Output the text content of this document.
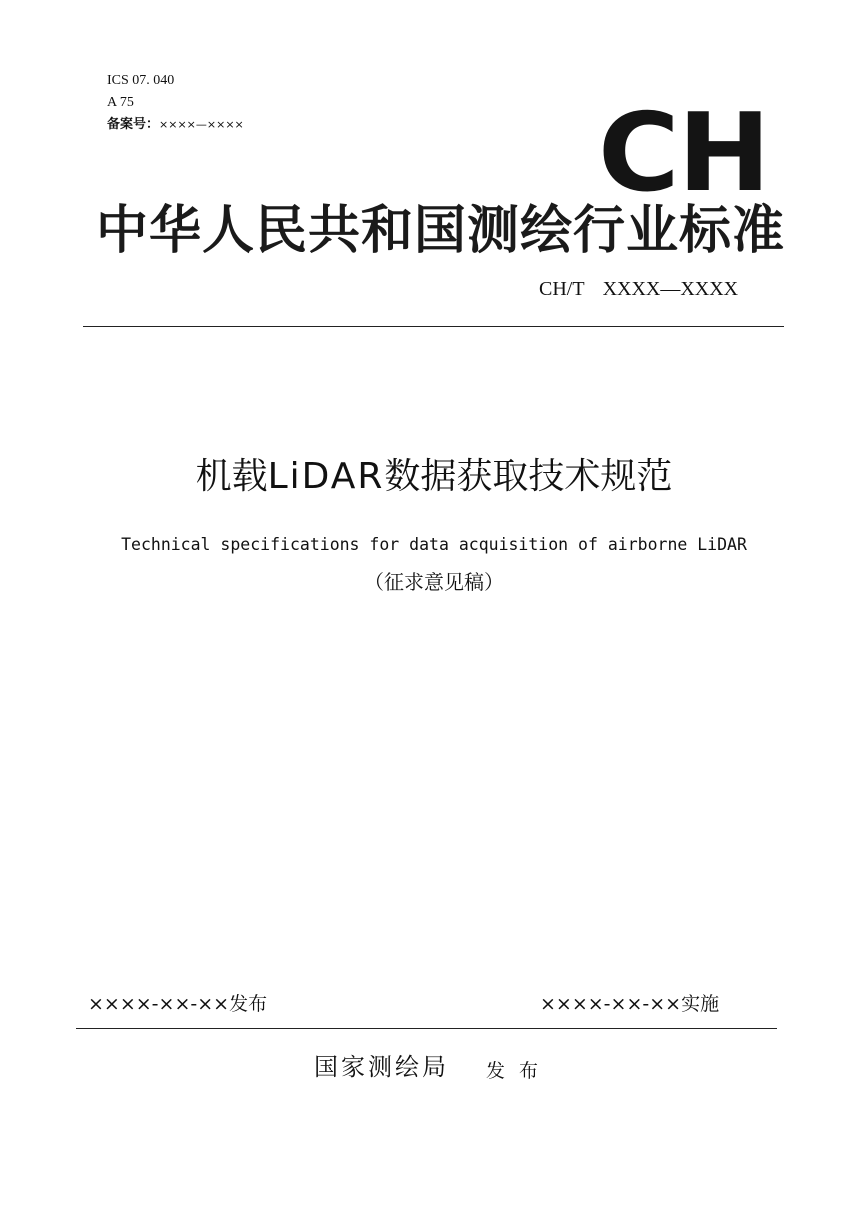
ICS 07. 040
A 75
备案号：××××—××××	CH
中华人民共和国测绘行业标准
CH/T XXXX—XXXX
机载LiDAR数据获取技术规范
Technical specifications for data acquisition of airborne LiDAR
（征求意见稿）
××××-××-××发布	××××-××-××实施
国家测绘局 发布
